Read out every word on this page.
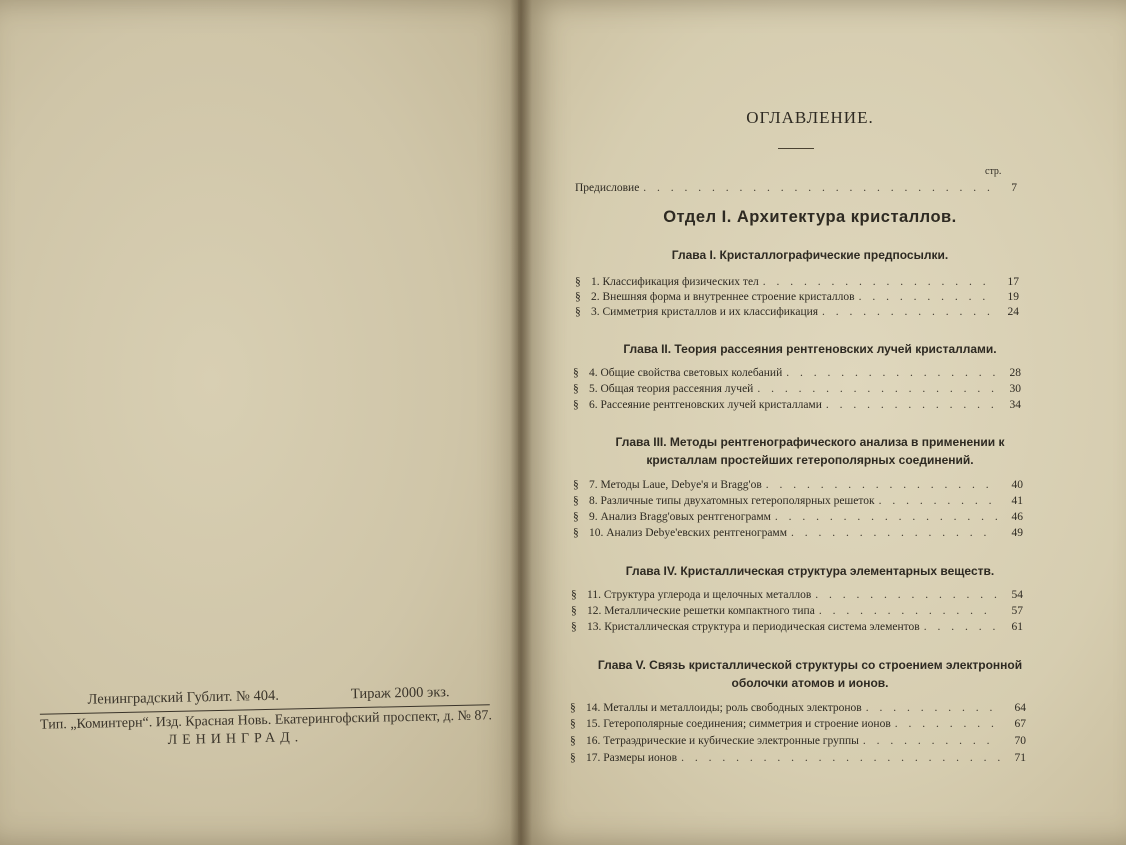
Ленинградский Гублит. № 404.	Тираж 2000 экз.
Тип. „Коминтерн“. Изд. Красная Новь. Екатерингофский проспект, д. № 87.
ЛЕНИНГРАД.
ОГЛАВЛЕНИЕ.
стр.
Предисловие . . .	7
Отдел I. Архитектура кристаллов.
Глава I. Кристаллографические предпосылки.
§ 1. Классификация физических тел . . .	17
§ 2. Внешняя форма и внутреннее строение кристаллов . . .	19
§ 3. Симметрия кристаллов и их классификация . . .	24
Глава II. Теория рассеяния рентгеновских лучей кристаллами.
§ 4. Общие свойства световых колебаний . . .	28
§ 5. Общая теория рассеяния лучей . . .	30
§ 6. Рассеяние рентгеновских лучей кристаллами . . .	34
Глава III. Методы рентгенографического анализа в применении к
кристаллам простейших гетерополярных соединений.
§ 7. Методы Laue, Debye'я и Bragg'ов . . .	40
§ 8. Различные типы двухатомных гетерополярных решеток . . .	41
§ 9. Анализ Bragg'овых рентгенограмм . . .	46
§ 10. Анализ Debye'евских рентгенограмм . . .	49
Глава IV. Кристаллическая структура элементарных веществ.
§ 11. Структура углерода и щелочных металлов . . .	54
§ 12. Металлические решетки компактного типа . . .	57
§ 13. Кристаллическая структура и периодическая система элементов . . .	61
Глава V. Связь кристаллической структуры со строением электронной
оболочки атомов и ионов.
§ 14. Металлы и металлоиды; роль свободных электронов . . .	64
§ 15. Гетерополярные соединения; симметрия и строение ионов . . .	67
§ 16. Тетраэдрические и кубические электронные группы . . .	70
§ 17. Размеры ионов . . .	71
